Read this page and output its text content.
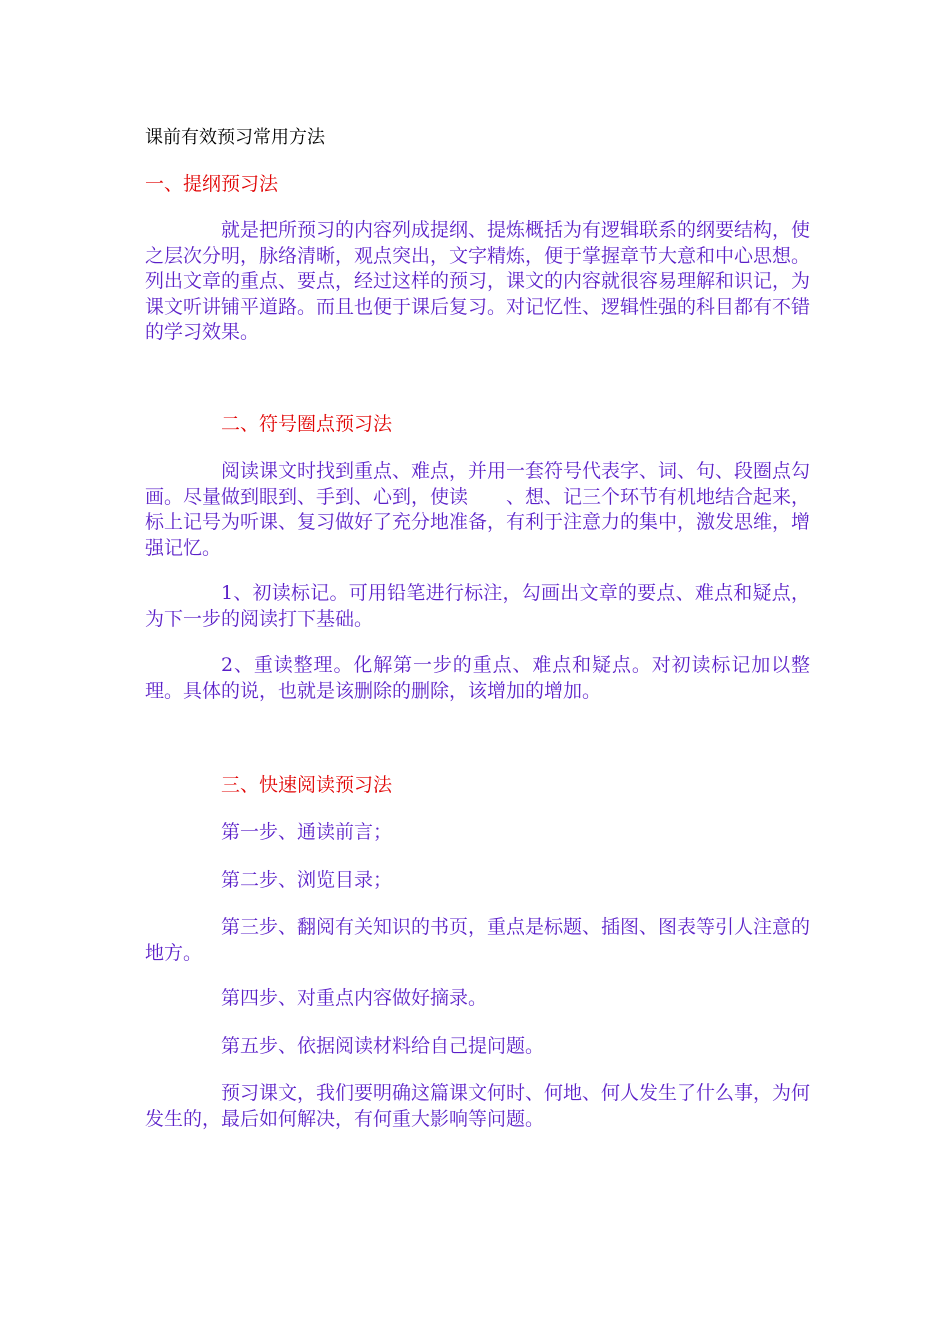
课前有效预习常用方法
一、提纲预习法

就是把所预习的内容列成提纲、提炼概括为有逻辑联系的纲要结构，使之层次分明，脉络清晰，观点突出，文字精炼，便于掌握章节大意和中心思想。列出文章的重点、要点，经过这样的预习，课文的内容就很容易理解和识记，为课文听讲铺平道路。而且也便于课后复习。对记忆性、逻辑性强的科目都有不错的学习效果。

二、符号圈点预习法

阅读课文时找到重点、难点，并用一套符号代表字、词、句、段圈点勾画。尽量做到眼到、手到、心到，使读　　、想、记三个环节有机地结合起来，标上记号为听课、复习做好了充分地准备，有利于注意力的集中，激发思维，增强记忆。

1、初读标记。可用铅笔进行标注，勾画出文章的要点、难点和疑点，为下一步的阅读打下基础。

2、重读整理。化解第一步的重点、难点和疑点。对初读标记加以整理。具体的说，也就是该删除的删除，该增加的增加。

三、快速阅读预习法
第一步、通读前言；
第二步、浏览目录；

第三步、翻阅有关知识的书页，重点是标题、插图、图表等引人注意的地方。

第四步、对重点内容做好摘录。
第五步、依据阅读材料给自己提问题。

预习课文，我们要明确这篇课文何时、何地、何人发生了什么事，为何发生的，最后如何解决，有何重大影响等问题。
